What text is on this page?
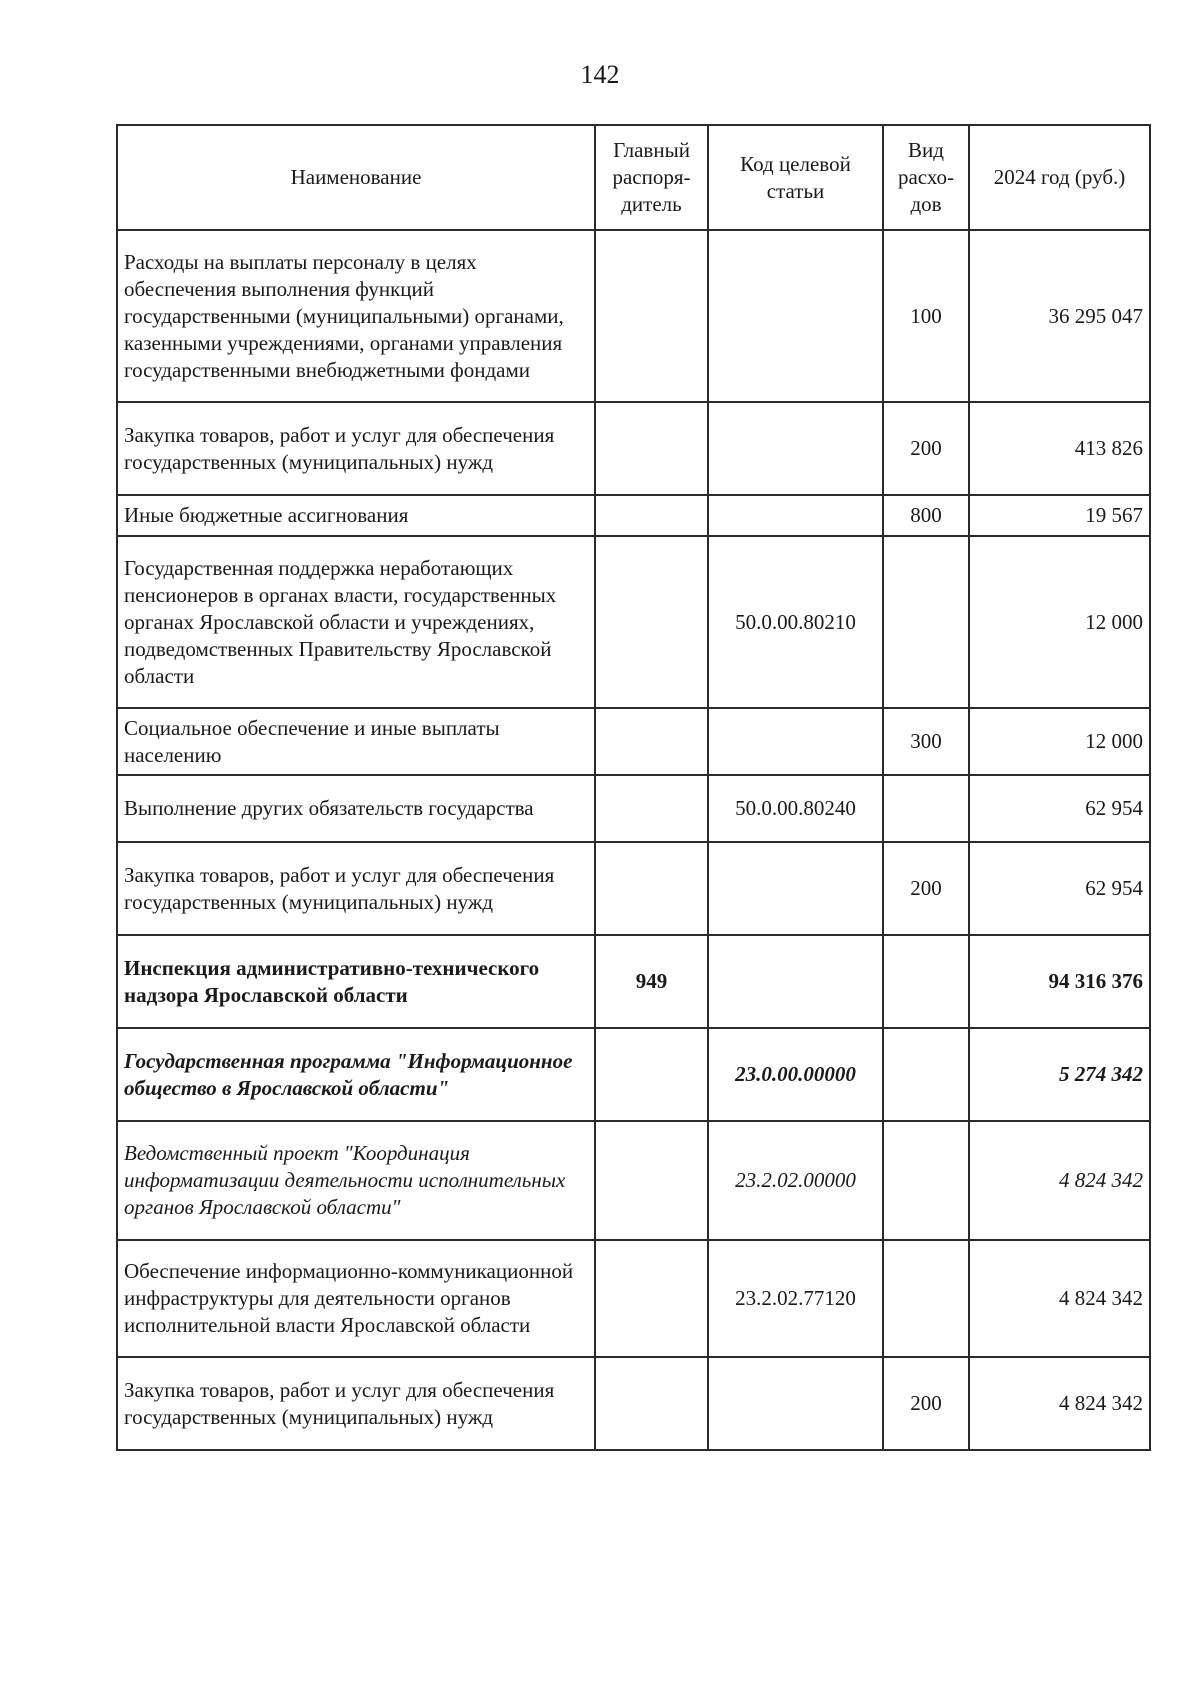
142
Наименование	Главный распоря-дитель	Код целевой статьи	Вид расхо-дов	2024 год (руб.)
Расходы на выплаты персоналу в целях обеспечения выполнения функций государственными (муниципальными) органами, казенными учреждениями, органами управления государственными внебюджетными фондами			100	36 295 047
Закупка товаров, работ и услуг для обеспечения государственных (муниципальных) нужд			200	413 826
Иные бюджетные ассигнования			800	19 567
Государственная поддержка неработающих пенсионеров в органах власти, государственных органах Ярославской области и учреждениях, подведомственных Правительству Ярославской области		50.0.00.80210		12 000
Социальное обеспечение и иные выплаты населению			300	12 000
Выполнение других обязательств государства		50.0.00.80240		62 954
Закупка товаров, работ и услуг для обеспечения государственных (муниципальных) нужд			200	62 954
Инспекция административно-технического надзора Ярославской области	949			94 316 376
Государственная программа "Информационное общество в Ярославской области"		23.0.00.00000		5 274 342
Ведомственный проект "Координация информатизации деятельности исполнительных органов Ярославской области"		23.2.02.00000		4 824 342
Обеспечение информационно-коммуникационной инфраструктуры для деятельности органов исполнительной власти Ярославской области		23.2.02.77120		4 824 342
Закупка товаров, работ и услуг для обеспечения государственных (муниципальных) нужд			200	4 824 342
